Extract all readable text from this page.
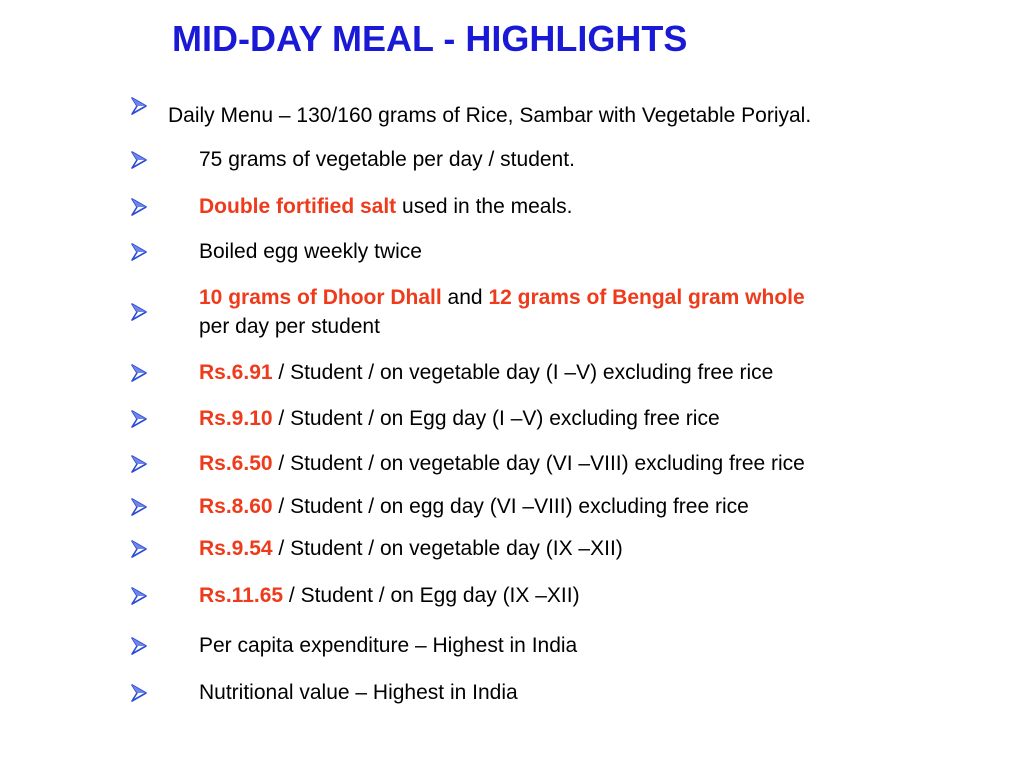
MID-DAY MEAL - HIGHLIGHTS
Daily Menu – 130/160 grams of Rice, Sambar with Vegetable Poriyal.
75 grams of vegetable per day / student.
Double fortified salt used in the meals.
Boiled egg weekly twice
10 grams of Dhoor Dhall and 12 grams of Bengal gram whole
per day per student
Rs.6.91 / Student / on vegetable day (I –V) excluding free rice
Rs.9.10 / Student / on Egg day (I –V) excluding free rice
Rs.6.50 / Student / on vegetable day (VI –VIII) excluding free rice
Rs.8.60 / Student / on egg day (VI –VIII) excluding free rice
Rs.9.54 / Student / on vegetable day (IX –XII)
Rs.11.65 / Student / on Egg day (IX –XII)
Per capita expenditure – Highest in India
Nutritional value – Highest in India
